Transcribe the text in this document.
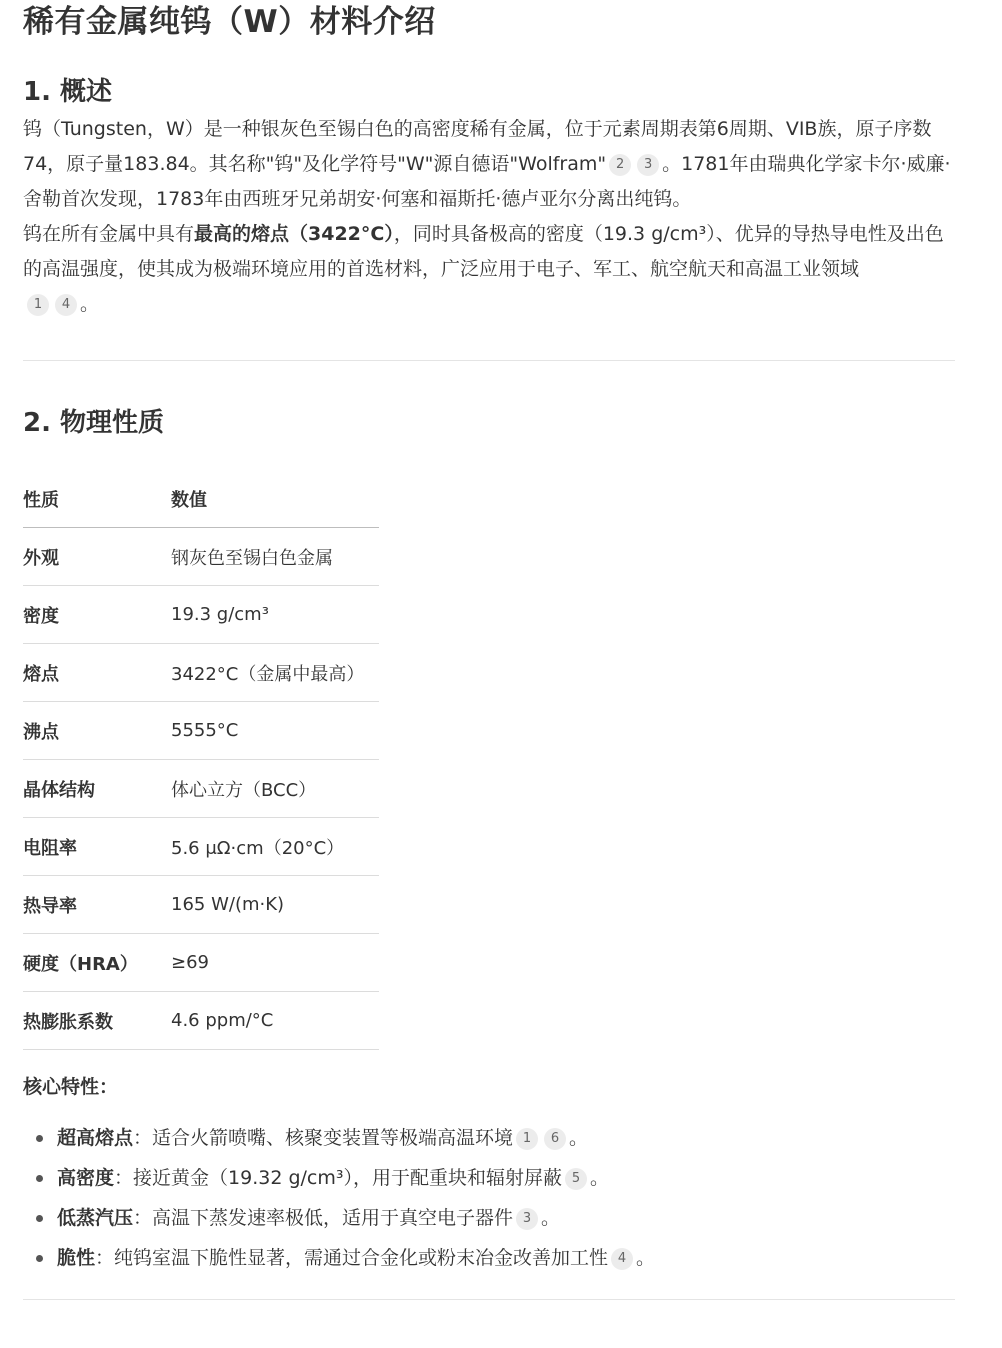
稀有金属纯钨（W）材料介绍
1. 概述

钨（Tungsten，W）是一种银灰色至锡白色的高密度稀有金属，位于元素周期表第6周期、VIB族，原子序数74，原子量183.84。其名称"钨"及化学符号"W"源自德语"Wolfram" 2 3 。1781年由瑞典化学家卡尔·威廉·舍勒首次发现，1783年由西班牙兄弟胡安·何塞和福斯托·德卢亚尔分离出纯钨。

钨在所有金属中具有最高的熔点（3422°C），同时具备极高的密度（19.3 g/cm³）、优异的导热导电性及出色的高温强度，使其成为极端环境应用的首选材料，广泛应用于电子、军工、航空航天和高温工业领域
1 4 。

2. 物理性质
性质	数值
外观	钢灰色至锡白色金属
密度	19.3 g/cm³
熔点	3422°C（金属中最高）
沸点	5555°C
晶体结构	体心立方（BCC）
电阻率	5.6 μΩ·cm（20°C）
热导率	165 W/(m·K)
硬度（HRA）	≥69
热膨胀系数	4.6 ppm/°C
核心特性：
超高熔点：适合火箭喷嘴、核聚变装置等极端高温环境 1 6 。
高密度：接近黄金（19.32 g/cm³），用于配重块和辐射屏蔽 5 。
低蒸汽压：高温下蒸发速率极低，适用于真空电子器件 3 。
脆性：纯钨室温下脆性显著，需通过合金化或粉末冶金改善加工性 4 。
